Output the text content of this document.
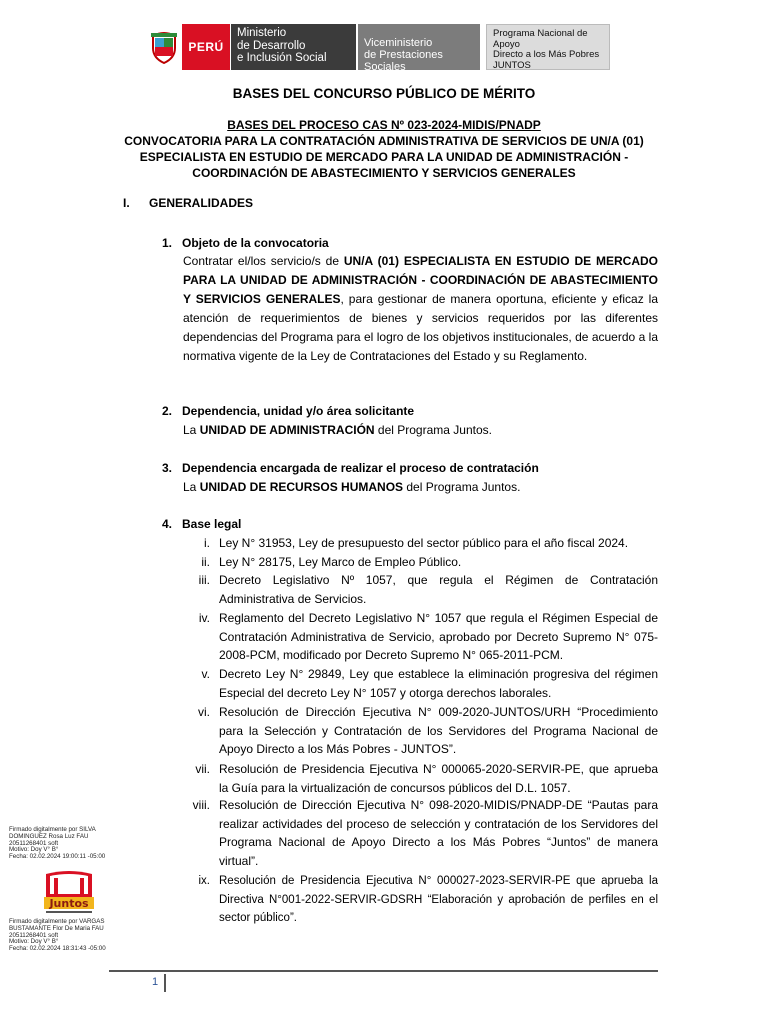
PERÚ
Ministerio
de Desarrollo
e Inclusión Social
Viceministerio
de Prestaciones Sociales
Programa Nacional de Apoyo
Directo a los Más Pobres
JUNTOS
BASES DEL CONCURSO PÚBLICO DE MÉRITO
BASES DEL PROCESO CAS Nº 023-2024-MIDIS/PNADP
CONVOCATORIA PARA LA CONTRATACIÓN ADMINISTRATIVA DE SERVICIOS DE UN/A (01) ESPECIALISTA EN ESTUDIO DE MERCADO PARA LA UNIDAD DE ADMINISTRACIÓN - COORDINACIÓN DE ABASTECIMIENTO Y SERVICIOS GENERALES
I. GENERALIDADES
1. Objeto de la convocatoria
Contratar el/los servicio/s de UN/A (01) ESPECIALISTA EN ESTUDIO DE MERCADO PARA LA UNIDAD DE ADMINISTRACIÓN - COORDINACIÓN DE ABASTECIMIENTO Y SERVICIOS GENERALES, para gestionar de manera oportuna, eficiente y eficaz la atención de requerimientos de bienes y servicios requeridos por las diferentes dependencias del Programa para el logro de los objetivos institucionales, de acuerdo a la normativa vigente de la Ley de Contrataciones del Estado y su Reglamento.
2. Dependencia, unidad y/o área solicitante
La UNIDAD DE ADMINISTRACIÓN del Programa Juntos.
3. Dependencia encargada de realizar el proceso de contratación
La UNIDAD DE RECURSOS HUMANOS del Programa Juntos.
4. Base legal
i. Ley N° 31953, Ley de presupuesto del sector público para el año fiscal 2024.
ii. Ley N° 28175, Ley Marco de Empleo Público.
iii. Decreto Legislativo Nº 1057, que regula el Régimen de Contratación Administrativa de Servicios.
iv. Reglamento del Decreto Legislativo N° 1057 que regula el Régimen Especial de Contratación Administrativa de Servicio, aprobado por Decreto Supremo N° 075-2008-PCM, modificado por Decreto Supremo N° 065-2011-PCM.
v. Decreto Ley N° 29849, Ley que establece la eliminación progresiva del régimen Especial del decreto Ley N° 1057 y otorga derechos laborales.
vi. Resolución de Dirección Ejecutiva N° 009-2020-JUNTOS/URH “Procedimiento para la Selección y Contratación de los Servidores del Programa Nacional de Apoyo Directo a los Más Pobres - JUNTOS”.
vii. Resolución de Presidencia Ejecutiva N° 000065-2020-SERVIR-PE, que aprueba la Guía para la virtualización de concursos públicos del D.L. 1057.
viii. Resolución de Dirección Ejecutiva N° 098-2020-MIDIS/PNADP-DE “Pautas para realizar actividades del proceso de selección y contratación de los Servidores del Programa Nacional de Apoyo Directo a los Más Pobres “Juntos” de manera virtual”.
ix. Resolución de Presidencia Ejecutiva N° 000027-2023-SERVIR-PE que aprueba la Directiva N°001-2022-SERVIR-GDSRH “Elaboración y aprobación de perfiles en el sector público”.
Firmado digitalmente por SILVA
DOMINGUEZ Rosa Luz FAU
20511268401 soft
Motivo: Doy V° B°
Fecha: 02.02.2024 19:00:11 -05:00
Juntos
Firmado digitalmente por VARGAS
BUSTAMANTE Flor De Maria FAU
20511268401 soft
Motivo: Doy V° B°
Fecha: 02.02.2024 18:31:43 -05:00
1
